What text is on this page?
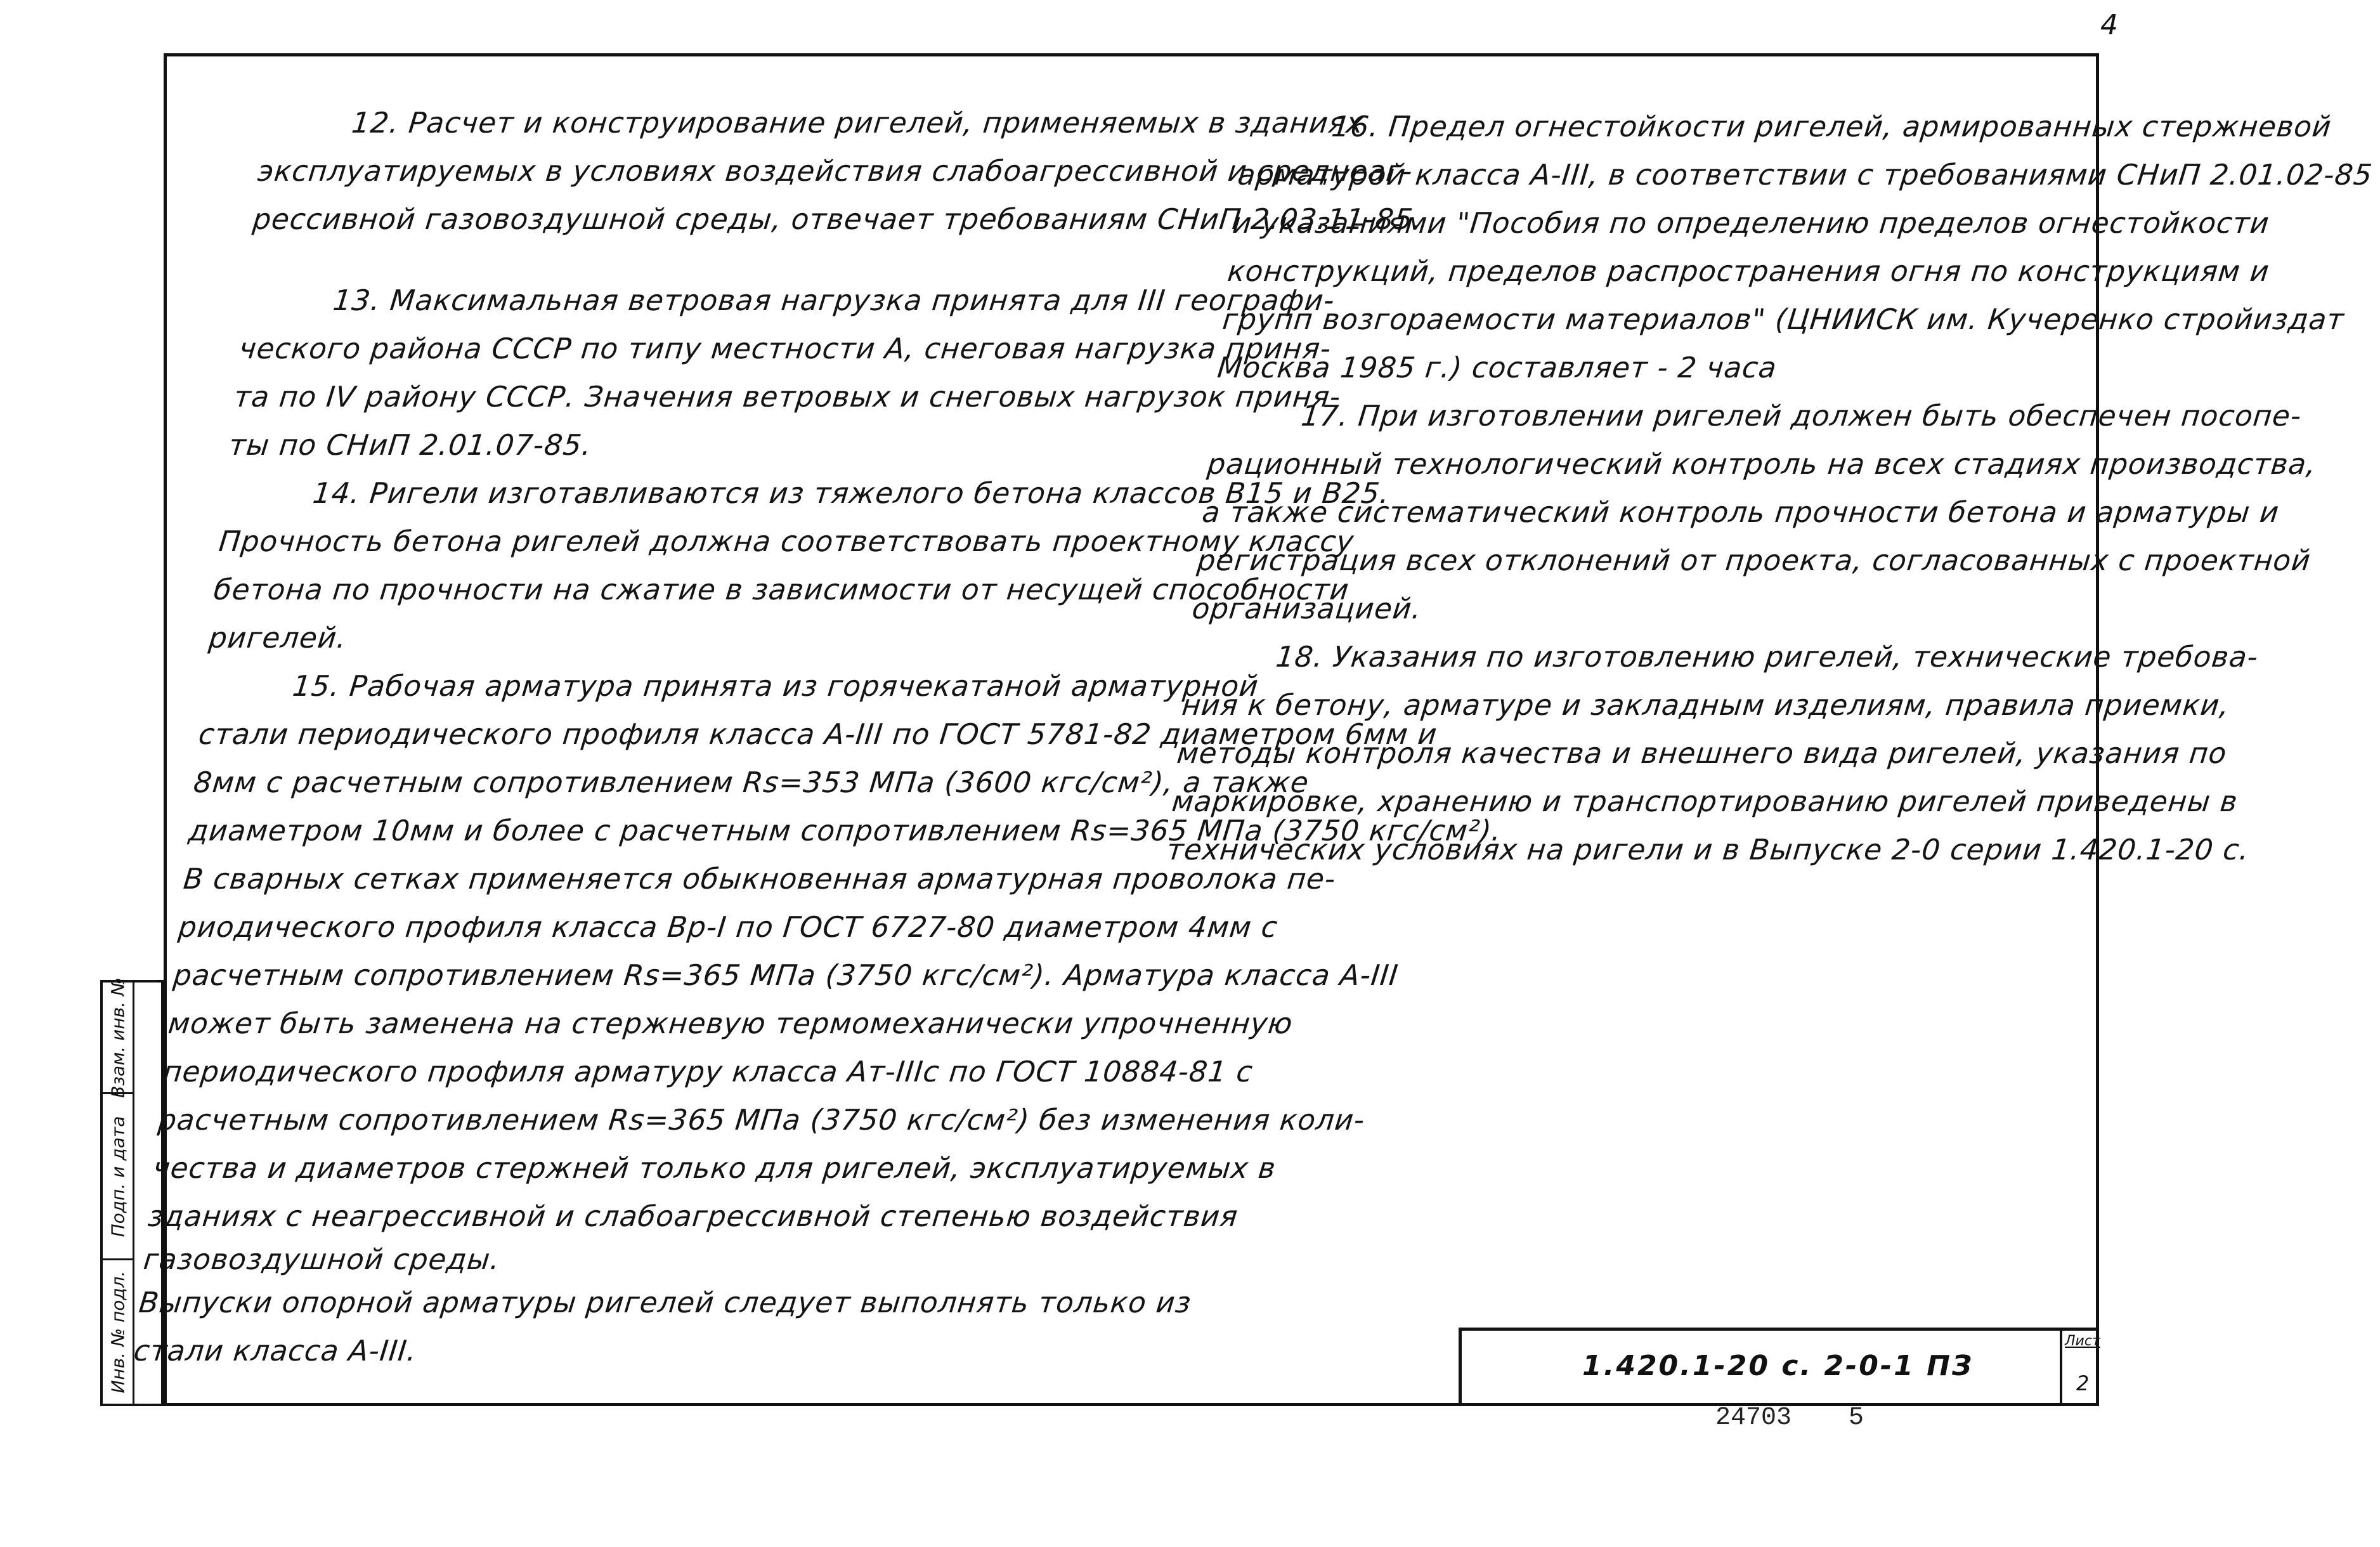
4

12. Расчет и конструирование ригелей, применяемых в зданиях

эксплуатируемых в условиях воздействия слабоагрессивной и среднеаг-

рессивной газовоздушной среды, отвечает требованиям СНиП 2.03.11-85.

13. Максимальная ветровая нагрузка принята для III географи-

ческого района СССР по типу местности А, снеговая нагрузка приня-

та по IV району СССР. Значения ветровых и снеговых нагрузок приня-

ты по СНиП 2.01.07-85.

14. Ригели изготавливаются из тяжелого бетона классов В15 и В25.

Прочность бетона ригелей должна соответствовать проектному классу

бетона по прочности на сжатие в зависимости от несущей способности

ригелей.

15. Рабочая арматура принята из горячекатаной арматурной

стали периодического профиля класса А-III по ГОСТ 5781-82 диаметром 6мм и

8мм с расчетным сопротивлением Rs=353 МПа (3600 кгс/см²), а также

диаметром 10мм и более с расчетным сопротивлением Rs=365 МПа (3750 кгс/см²).

В сварных сетках применяется обыкновенная арматурная проволока пе-

риодического профиля класса Вр-I по ГОСТ 6727-80 диаметром 4мм с

расчетным сопротивлением Rs=365 МПа (3750 кгс/см²). Арматура класса А-III

может быть заменена на стержневую термомеханически упрочненную

периодического профиля арматуру класса Ат-IIIс по ГОСТ 10884-81 с

расчетным сопротивлением Rs=365 МПа (3750 кгс/см²) без изменения коли-

чества и диаметров стержней только для ригелей, эксплуатируемых в

зданиях с неагрессивной и слабоагрессивной степенью воздействия

газовоздушной среды.

Выпуски опорной арматуры ригелей следует выполнять только из

стали класса А-III.

16. Предел огнестойкости ригелей, армированных стержневой

арматурой класса А-III, в соответствии с требованиями СНиП 2.01.02-85

и указаниями "Пособия по определению пределов огнестойкости

конструкций, пределов распространения огня по конструкциям и

групп возгораемости материалов" (ЦНИИСК им. Кучеренко стройиздат

Москва 1985 г.) составляет - 2 часа

17. При изготовлении ригелей должен быть обеспечен посопе-

рационный технологический контроль на всех стадиях производства,

а также систематический контроль прочности бетона и арматуры и

регистрация всех отклонений от проекта, согласованных с проектной

организацией.

18. Указания по изготовлению ригелей, технические требова-

ния к бетону, арматуре и закладным изделиям, правила приемки,

методы контроля качества и внешнего вида ригелей, указания по

маркировке, хранению и транспортированию ригелей приведены в

технических условиях на ригели и в Выпуске 2-0 серии 1.420.1-20 с.

Взам. инв. №
Подп. и дата
Инв. № подл.	1.420.1-20 с. 2-0-1 ПЗ
Лист
2
24703 5
